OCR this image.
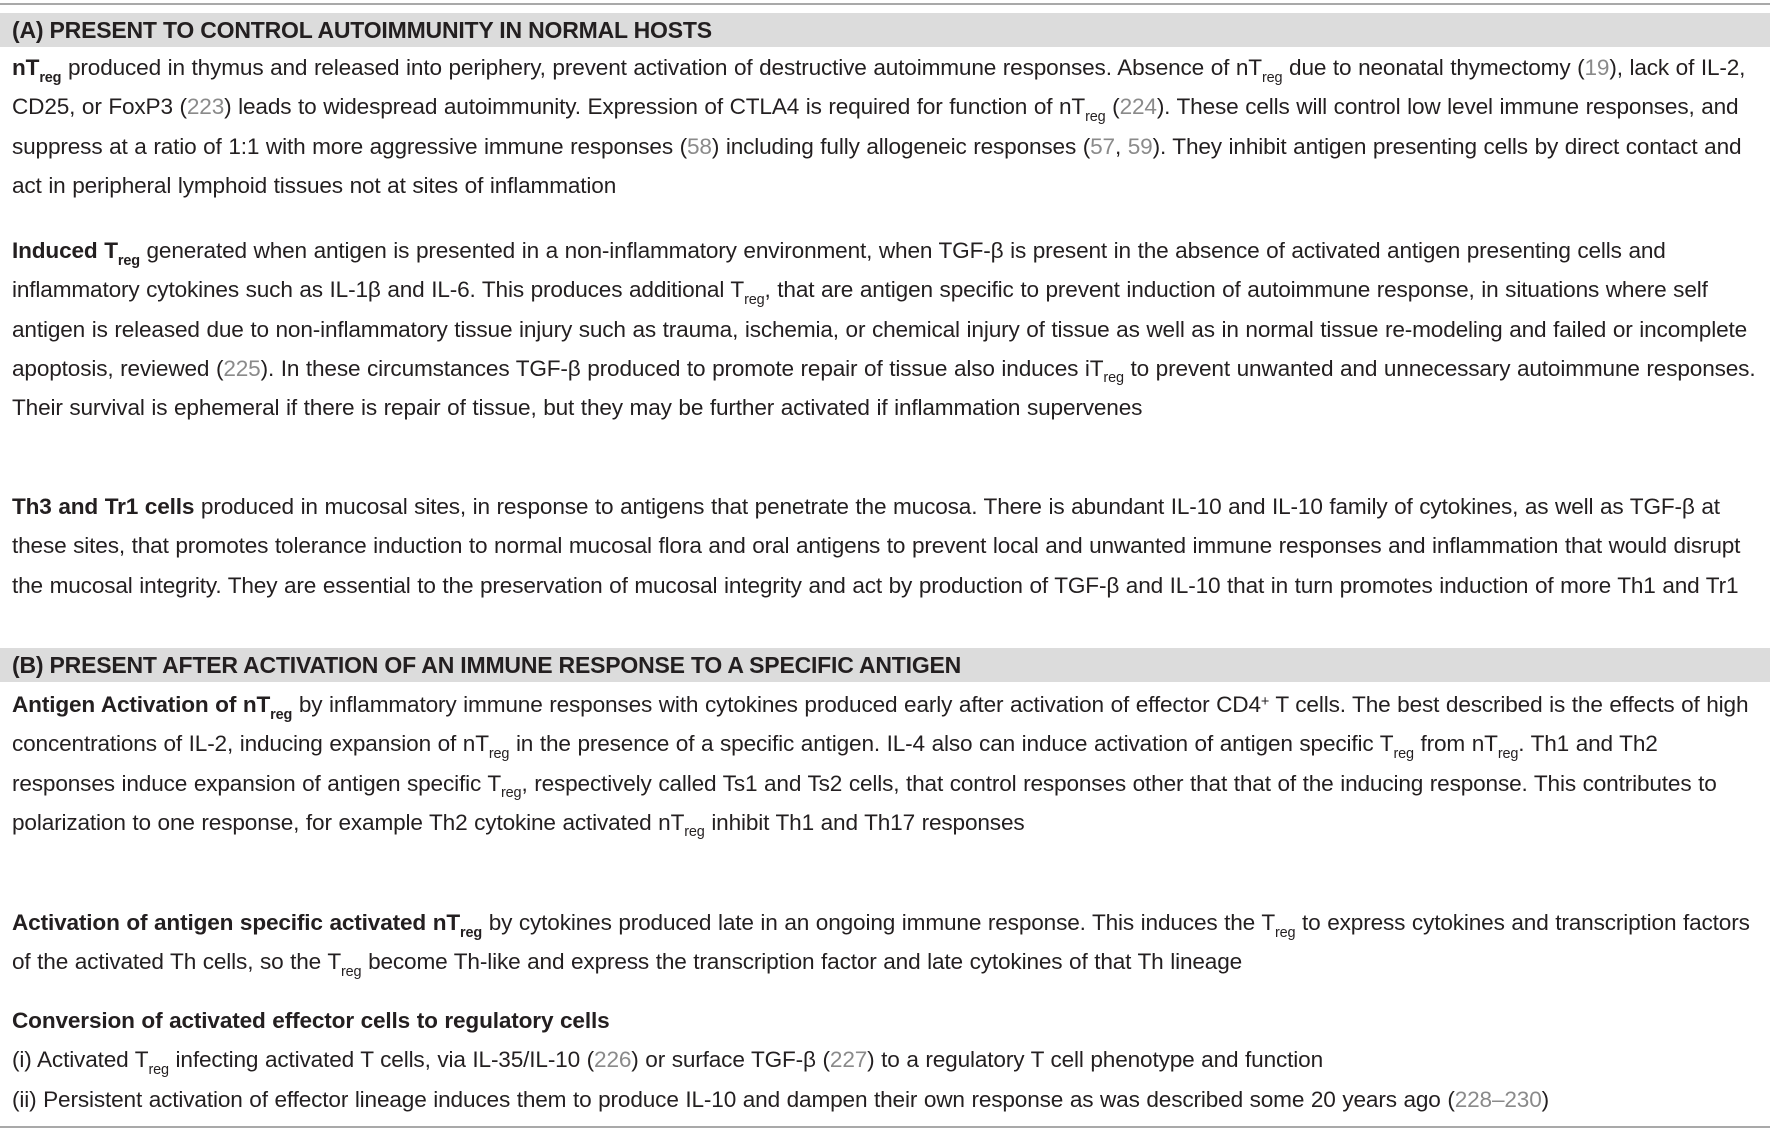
(A) PRESENT TO CONTROL AUTOIMMUNITY IN NORMAL HOSTS
$nT_{reg}$ produced in thymus and released into periphery, prevent activation of destructive autoimmune responses. Absence of $nT_{reg}$ due to neonatal thymectomy (19), lack of IL-2, CD25, or FoxP3 (223) leads to widespread autoimmunity. Expression of CTLA4 is required for function of $nT_{reg}$ (224). These cells will control low level immune responses, and suppress at a ratio of 1:1 with more aggressive immune responses (58) including fully allogeneic responses (57, 59). They inhibit antigen presenting cells by direct contact and act in peripheral lymphoid tissues not at sites of inflammation
Induced $T_{reg}$ generated when antigen is presented in a non-inflammatory environment, when TGF-β is present in the absence of activated antigen presenting cells and inflammatory cytokines such as IL-1β and IL-6. This produces additional $T_{reg}$, that are antigen specific to prevent induction of autoimmune response, in situations where self antigen is released due to non-inflammatory tissue injury such as trauma, ischemia, or chemical injury of tissue as well as in normal tissue re-modeling and failed or incomplete apoptosis, reviewed (225). In these circumstances TGF-β produced to promote repair of tissue also induces $iT_{reg}$ to prevent unwanted and unnecessary autoimmune responses. Their survival is ephemeral if there is repair of tissue, but they may be further activated if inflammation supervenes
Th3 and Tr1 cells produced in mucosal sites, in response to antigens that penetrate the mucosa. There is abundant IL-10 and IL-10 family of cytokines, as well as TGF-β at these sites, that promotes tolerance induction to normal mucosal flora and oral antigens to prevent local and unwanted immune responses and inflammation that would disrupt the mucosal integrity. They are essential to the preservation of mucosal integrity and act by production of TGF-β and IL-10 that in turn promotes induction of more Th1 and Tr1
(B) PRESENT AFTER ACTIVATION OF AN IMMUNE RESPONSE TO A SPECIFIC ANTIGEN
Antigen Activation of $nT_{reg}$ by inflammatory immune responses with cytokines produced early after activation of effector CD4+ T cells. The best described is the effects of high concentrations of IL-2, inducing expansion of $nT_{reg}$ in the presence of a specific antigen. IL-4 also can induce activation of antigen specific $T_{reg}$ from $nT_{reg}$. Th1 and Th2 responses induce expansion of antigen specific $T_{reg}$, respectively called Ts1 and Ts2 cells, that control responses other that that of the inducing response. This contributes to polarization to one response, for example Th2 cytokine activated $nT_{reg}$ inhibit Th1 and Th17 responses
Activation of antigen specific activated $nT_{reg}$ by cytokines produced late in an ongoing immune response. This induces the $T_{reg}$ to express cytokines and transcription factors of the activated Th cells, so the $T_{reg}$ become Th-like and express the transcription factor and late cytokines of that Th lineage
Conversion of activated effector cells to regulatory cells
(i) Activated $T_{reg}$ infecting activated T cells, via IL-35/IL-10 (226) or surface TGF-β (227) to a regulatory T cell phenotype and function
(ii) Persistent activation of effector lineage induces them to produce IL-10 and dampen their own response as was described some 20 years ago (228–230)
